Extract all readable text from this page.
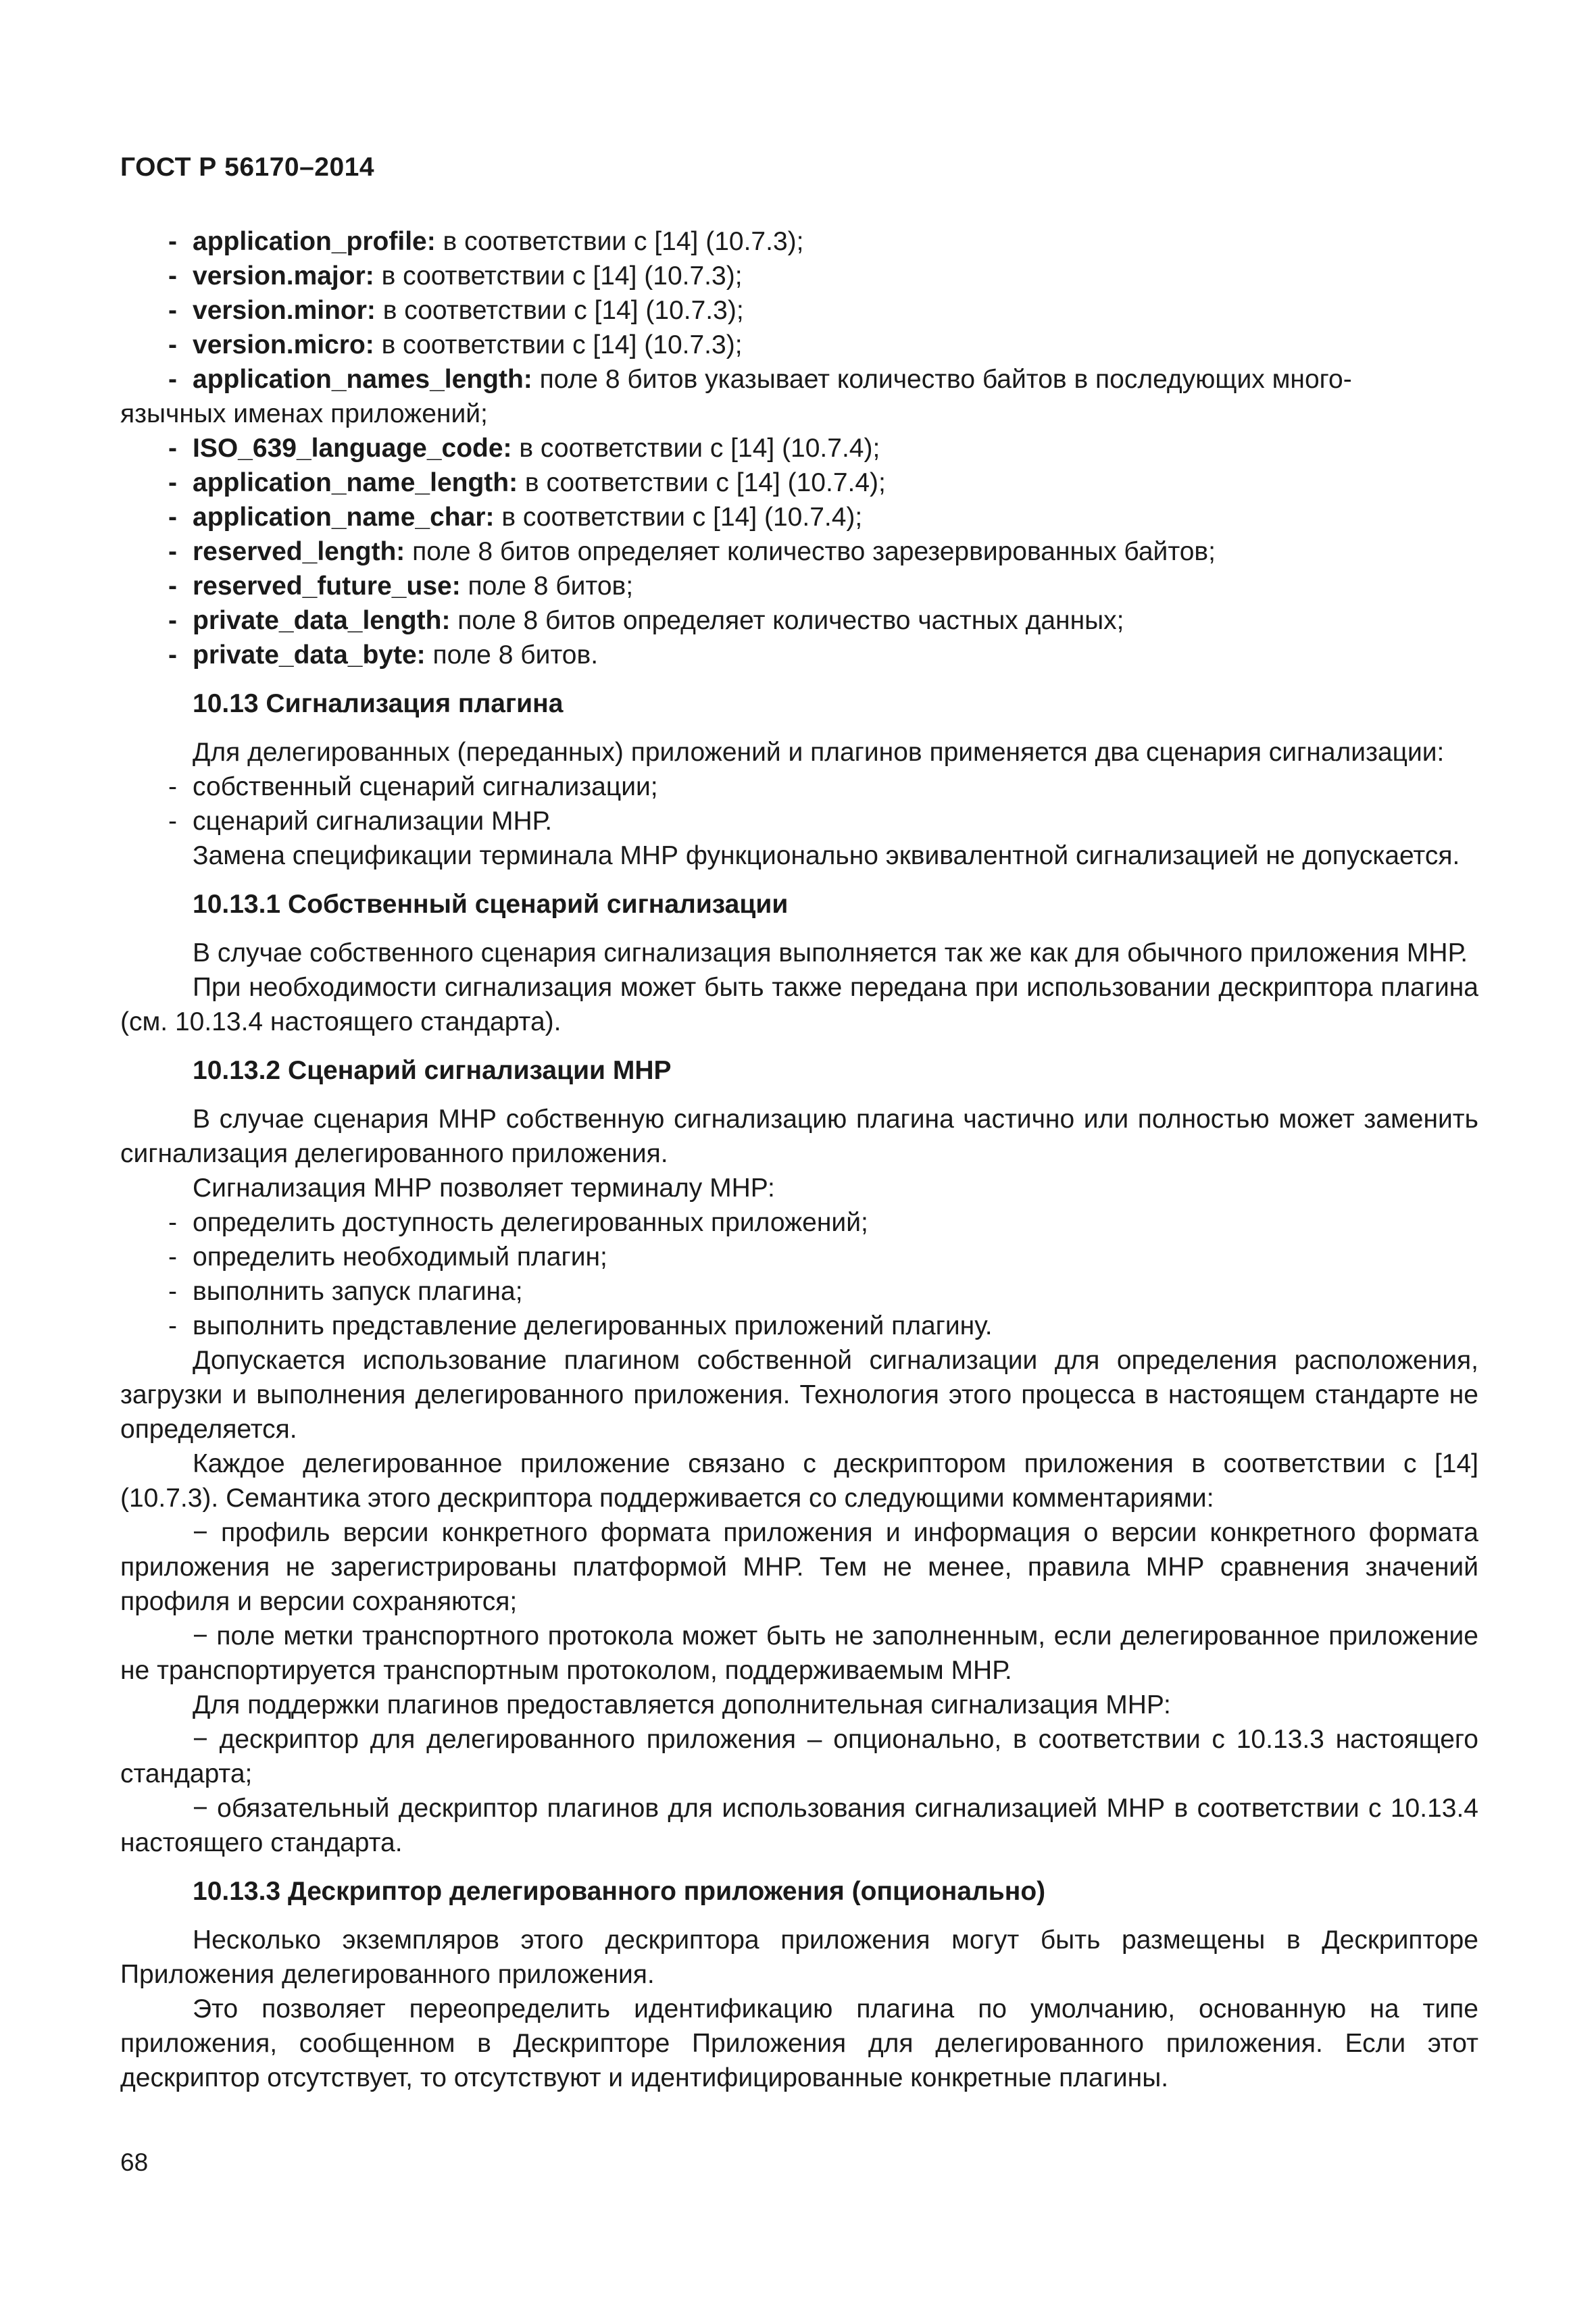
ГОСТ Р 56170–2014
- application_profile: в соответствии с [14] (10.7.3);
- version.major: в соответствии с [14] (10.7.3);
- version.minor: в соответствии с [14] (10.7.3);
- version.micro: в соответствии с [14] (10.7.3);
- application_names_length: поле 8 битов указывает количество байтов в последующих много-
язычных именах приложений;
- ISO_639_language_code: в соответствии с [14] (10.7.4);
- application_name_length: в соответствии с [14] (10.7.4);
- application_name_char: в соответствии с [14] (10.7.4);
- reserved_length: поле 8 битов определяет количество зарезервированных байтов;
- reserved_future_use: поле 8 битов;
- private_data_length: поле 8 битов определяет количество частных данных;
- private_data_byte: поле 8 битов.
10.13 Сигнализация плагина
Для делегированных (переданных) приложений и плагинов применяется два сценария сигнализации:
- собственный сценарий сигнализации;
- сценарий сигнализации МНР.
Замена спецификации терминала МНР функционально эквивалентной сигнализацией не допускается.
10.13.1 Собственный сценарий сигнализации
В случае собственного сценария сигнализация выполняется так же как для обычного приложения МНР.
При необходимости сигнализация может быть также передана при использовании дескриптора плагина (см. 10.13.4 настоящего стандарта).
10.13.2 Сценарий сигнализации МНР
В случае сценария МНР собственную сигнализацию плагина частично или полностью может заменить сигнализация делегированного приложения.
Сигнализация МНР позволяет терминалу МНР:
- определить доступность делегированных приложений;
- определить необходимый плагин;
- выполнить запуск плагина;
- выполнить представление делегированных приложений плагину.
Допускается использование плагином собственной сигнализации для определения расположения, загрузки и выполнения делегированного приложения. Технология этого процесса в настоящем стандарте не определяется.
Каждое делегированное приложение связано с дескриптором приложения в соответствии с [14] (10.7.3). Семантика этого дескриптора поддерживается со следующими комментариями:
− профиль версии конкретного формата приложения и информация о версии конкретного формата приложения не зарегистрированы платформой МНР. Тем не менее, правила МНР сравнения значений профиля и версии сохраняются;
− поле метки транспортного протокола может быть не заполненным, если делегированное приложение не транспортируется транспортным протоколом, поддерживаемым МНР.
Для поддержки плагинов предоставляется дополнительная сигнализация МНР:
− дескриптор для делегированного приложения – опционально, в соответствии с 10.13.3 настоящего стандарта;
− обязательный дескриптор плагинов для использования сигнализацией МНР в соответствии с 10.13.4 настоящего стандарта.
10.13.3 Дескриптор делегированного приложения (опционально)
Несколько экземпляров этого дескриптора приложения могут быть размещены в Дескрипторе Приложения делегированного приложения.
Это позволяет переопределить идентификацию плагина по умолчанию, основанную на типе приложения, сообщенном в Дескрипторе Приложения для делегированного приложения. Если этот дескриптор отсутствует, то отсутствуют и идентифицированные конкретные плагины.
68
